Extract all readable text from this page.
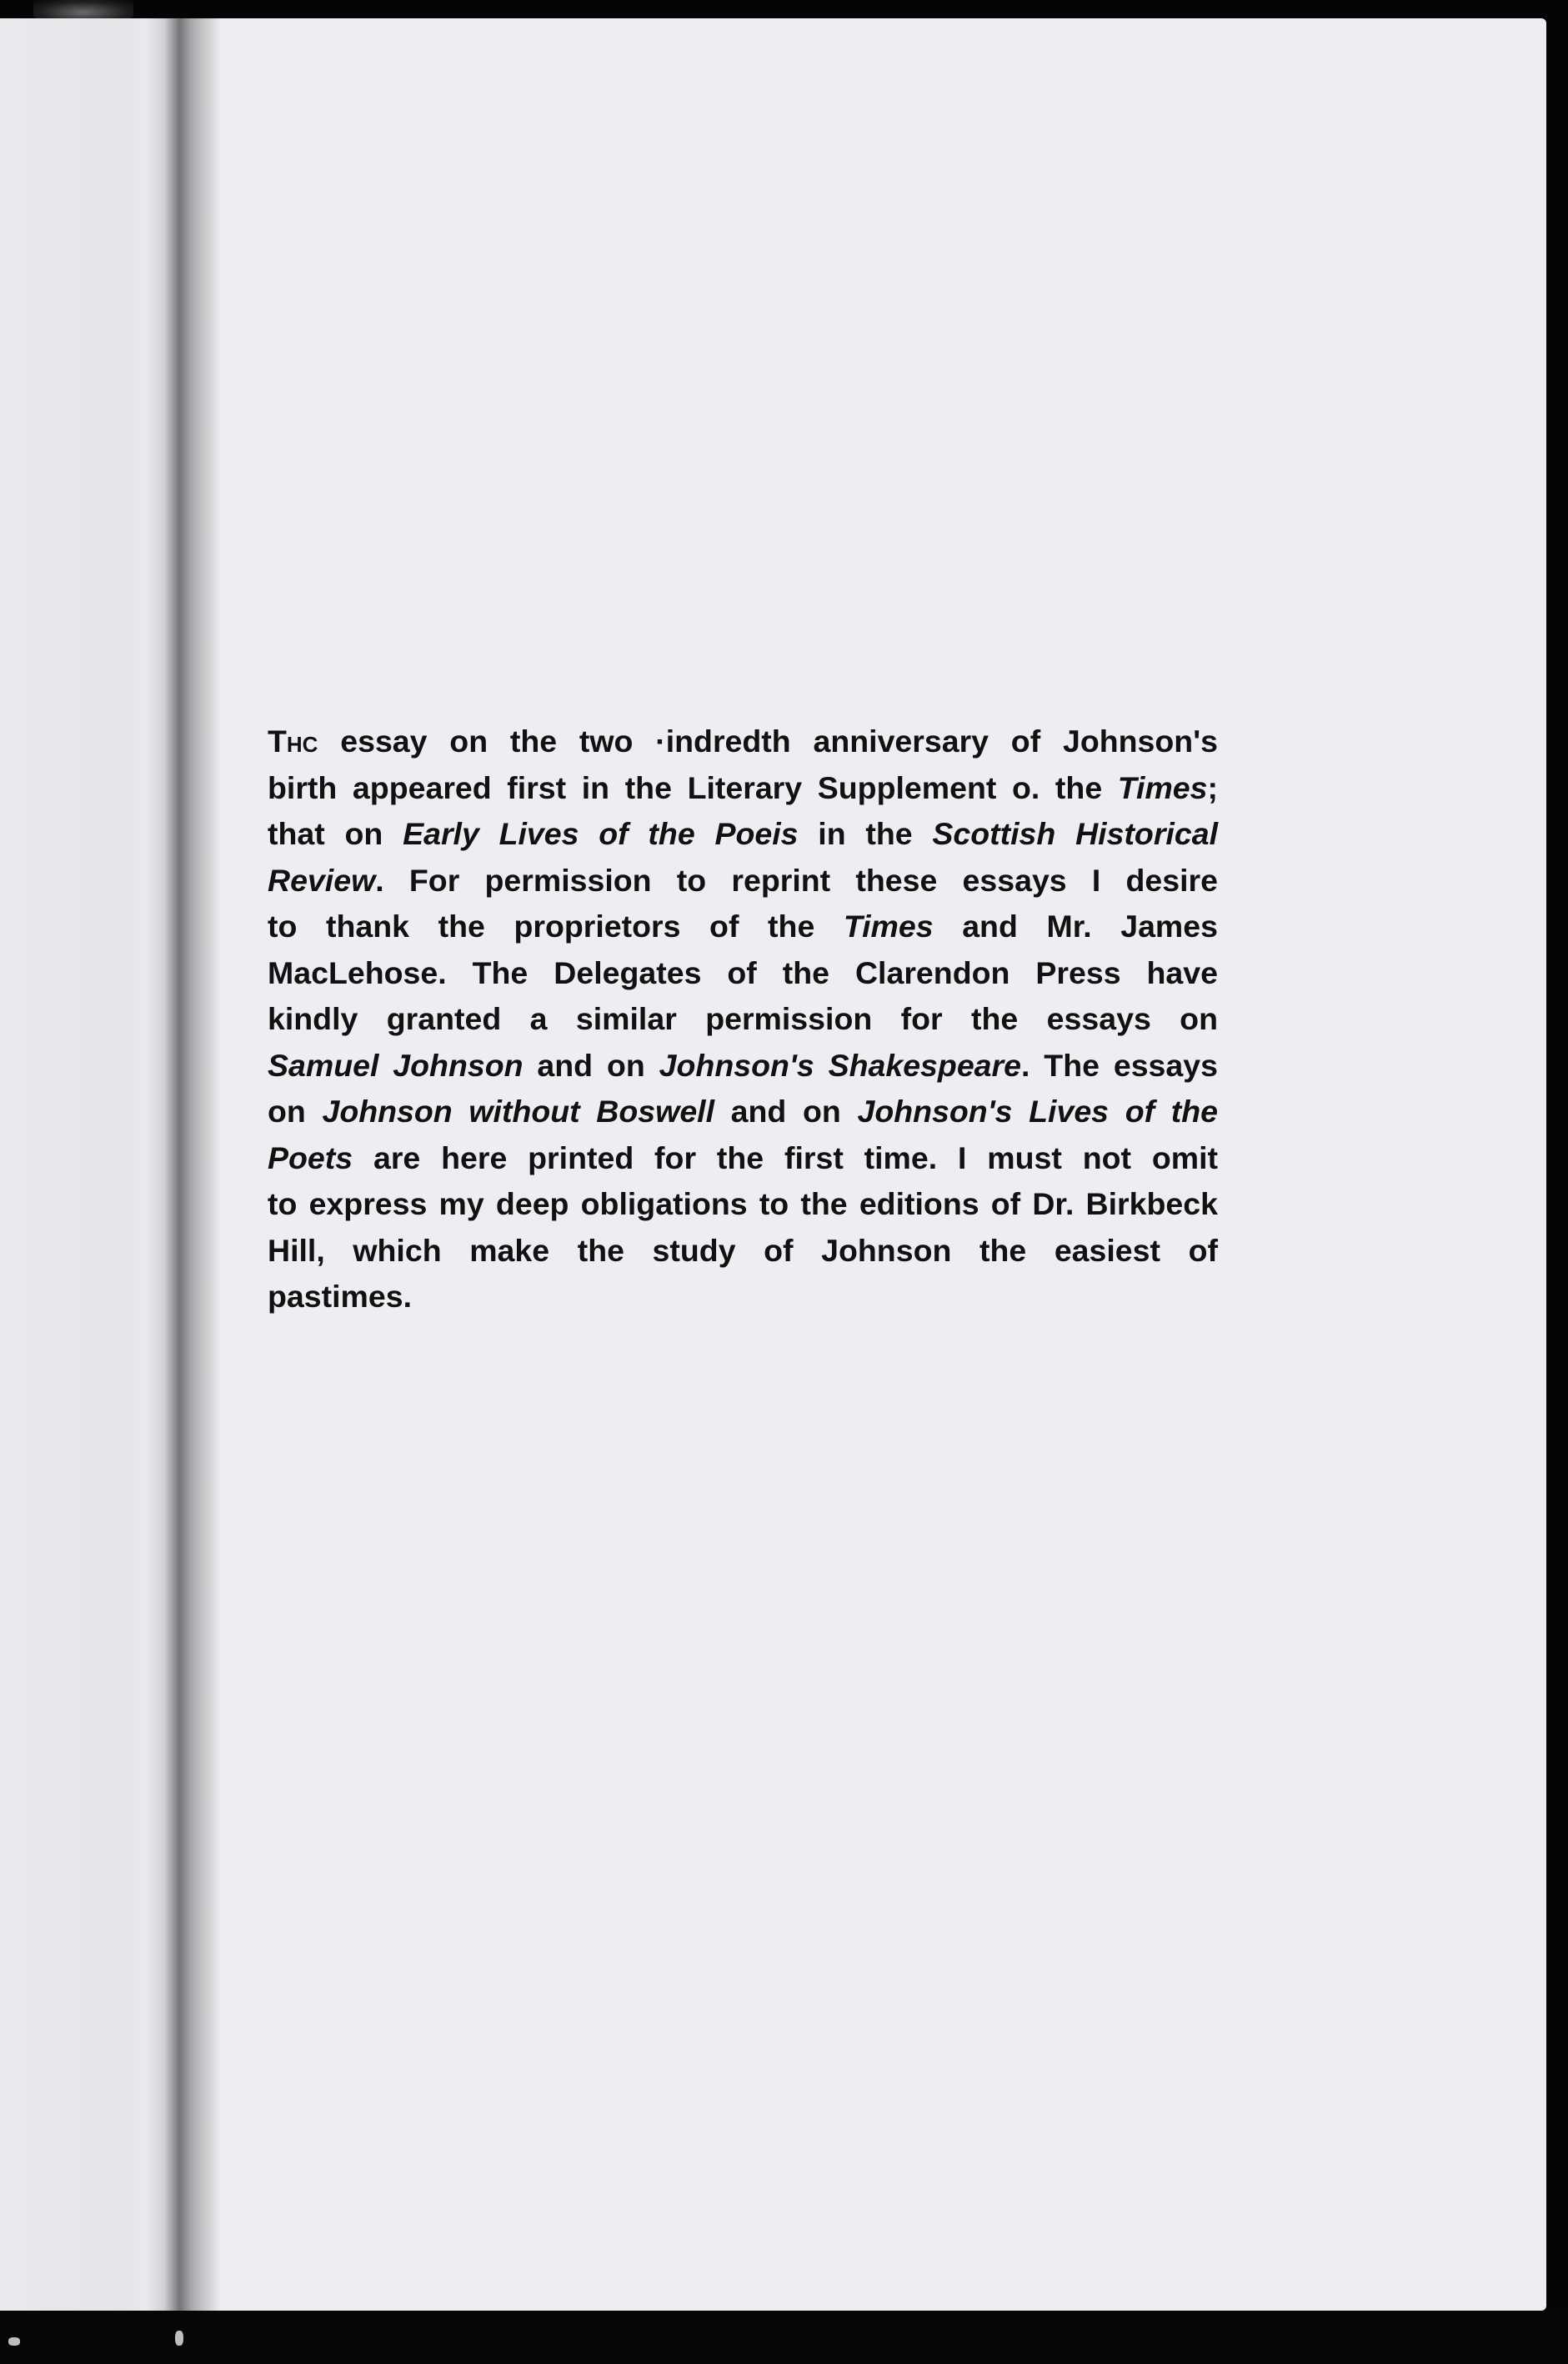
Thc essay on the two ·indredth anniversary of Johnson's
birth appeared first in the Literary Supplement o. the Times;
that on Early Lives of the Poeis in the Scottish Historical
Review. For permission to reprint these essays I desire
to thank the proprietors of the Times and Mr. James
MacLehose. The Delegates of the Clarendon Press have
kindly granted a similar permission for the essays on
Samuel Johnson and on Johnson's Shakespeare. The essays
on Johnson without Boswell and on Johnson's Lives of the
Poets are here printed for the first time. I must not omit
to express my deep obligations to the editions of Dr. Birkbeck
Hill, which make the study of Johnson the easiest of
pastimes.
